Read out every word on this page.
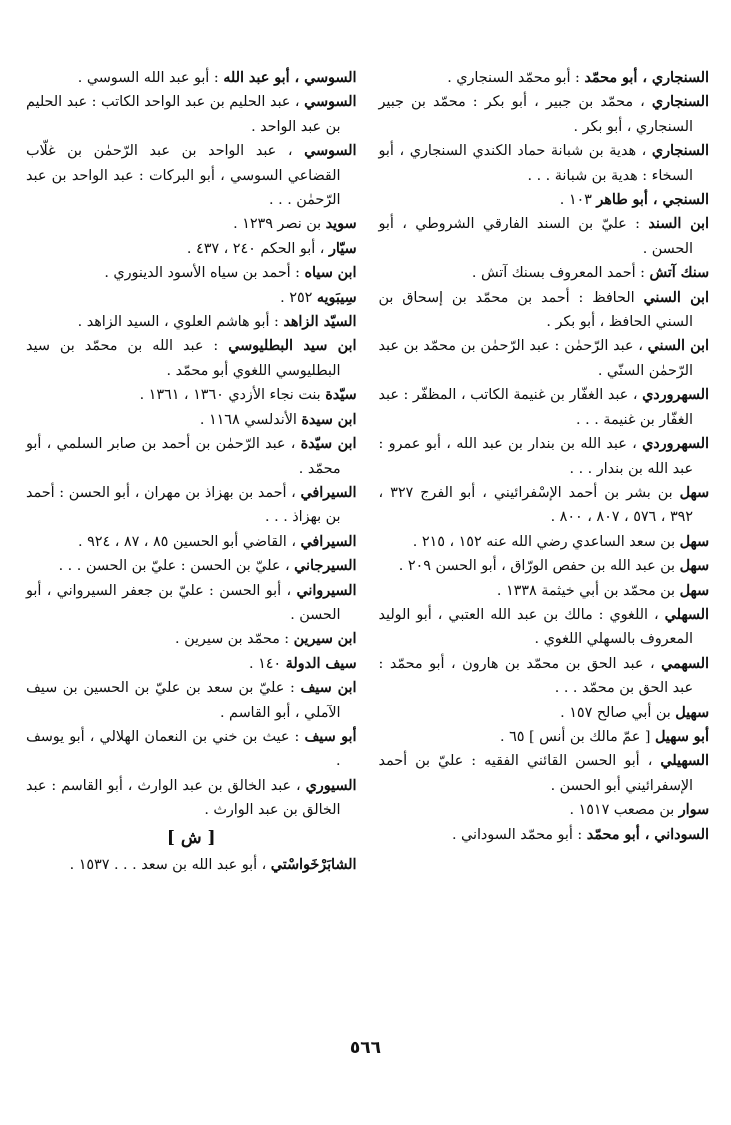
السنجاري ، أبو محمّد : أبو محمّد السنجاري .

السنجاري ، محمّد بن جبير ، أبو بكر : محمّد بن جبير السنجاري ، أبو بكر .

السنجاري ، هدية بن شبانة حماد الكندي السنجاري ، أبو السخاء : هدية بن شبانة . . .

السنجي ، أبو طاهر ١٠٣ .

ابن السند : عليّ بن السند الفارقي الشروطي ، أبو الحسن .

سنك آتش : أحمد المعروف بسنك آتش .

ابن السني الحافظ : أحمد بن محمّد بن إسحاق بن السني الحافظ ، أبو بكر .

ابن السني ، عبد الرّحمٰن : عبد الرّحمٰن بن محمّد بن عبد الرّحمٰن السنّي .

السهروردي ، عبد الغفّار بن غنيمة الكاتب ، المظفّر : عبد الغفّار بن غنيمة . . .

السهروردي ، عبد الله بن بندار بن عبد الله ، أبو عمرو : عبد الله بن بندار . . .

سهل بن بشر بن أحمد الإسْفرائيني ، أبو الفرج ٣٢٧ ، ٣٩٢ ، ٥٧٦ ، ٨٠٧ ، ٨٠٠ .

سهل بن سعد الساعدي رضي الله عنه ١٥٢ ، ٢١٥ .

سهل بن عبد الله بن حفص الورّاق ، أبو الحسن ٢٠٩ .

سهل بن محمّد بن أبي خيثمة ١٣٣٨ .

السهلي ، اللغوي : مالك بن عبد الله العتبي ، أبو الوليد المعروف بالسهلي اللغوي .

السهمي ، عبد الحق بن محمّد بن هارون ، أبو محمّد : عبد الحق بن محمّد . . .

سهيل بن أبي صالح ١٥٧ .

أبو سهيل [ عمّ مالك بن أنس ] ٦٥ .

السهيلي ، أبو الحسن القائني الفقيه : عليّ بن أحمد الإسفرائيني أبو الحسن .

سوار بن مصعب ١٥١٧ .

السوداني ، أبو محمّد : أبو محمّد السوداني .

السوسي ، أبو عبد الله : أبو عبد الله السوسي .

السوسي ، عبد الحليم بن عبد الواحد الكاتب : عبد الحليم بن عبد الواحد .

السوسي ، عبد الواحد بن عبد الرّحمٰن بن غلّاب القضاعي السوسي ، أبو البركات : عبد الواحد بن عبد الرّحمٰن . . .

سويد بن نصر ١٢٣٩ .

سيّار ، أبو الحكم ٢٤٠ ، ٤٣٧ .

ابن سياه : أحمد بن سياه الأسود الدينوري .

سِيبَويه ٢٥٢ .

السيّد الزاهد : أبو هاشم العلوي ، السيد الزاهد .

ابن سيد البطليوسي : عبد الله بن محمّد بن سيد البطليوسي اللغوي أبو محمّد .

سيّدة بنت نجاء الأزدي ١٣٦٠ ، ١٣٦١ .

ابن سيدة الأندلسي ١١٦٨ .

ابن سيّدة ، عبد الرّحمٰن بن أحمد بن صابر السلمي ، أبو محمّد .

السيرافي ، أحمد بن بهزاذ بن مهران ، أبو الحسن : أحمد بن بهزاذ . . .

السيرافي ، القاضي أبو الحسين ٨٥ ، ٨٧ ، ٩٢٤ .

السيرجاني ، عليّ بن الحسن : عليّ بن الحسن . . .

السيرواني ، أبو الحسن : عليّ بن جعفر السيرواني ، أبو الحسن .

ابن سيرين : محمّد بن سيرين .

سيف الدولة ١٤٠ .

ابن سيف : عليّ بن سعد بن عليّ بن الحسين بن سيف الآملي ، أبو القاسم .

أبو سيف : عيث بن خني بن النعمان الهلالي ، أبو يوسف .

السيوري ، عبد الخالق بن عبد الوارث ، أبو القاسم : عبد الخالق بن عبد الوارث .

[ ش ]

الشابَرْخَواسْتي ، أبو عبد الله بن سعد . . . ١٥٣٧ .

٥٦٦
